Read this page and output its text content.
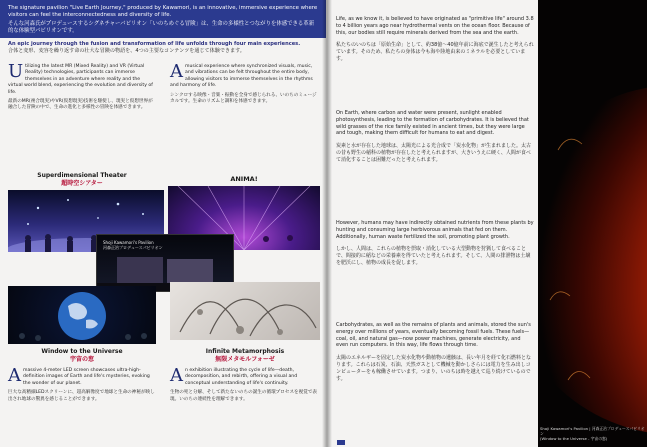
The signature pavilion "Live Earth Journey," produced by Kawamori, is an innovative, immersive experience where visitors can feel the interconnectedness and diversity of life.

そんな河森氏がプロデュースするシグネチャーパビリオン「いのちめぐる冒険」は、生命の多様性とつながりを体感できる革新的な体験型パビリオンです。

An epic journey through the fusion and transformation of life unfolds through four main experiences.
合体と変形、変容を繰り返す命の壮大な冒険の物語を、4つの主要なコンテンツを通じて体験できます。
Utilizing the latest MR (Mixed Reality) and VR (Virtual Reality) technologies, participants can immerse themselves in an adventure where reality and the virtual world blend, experiencing the evolution and diversity of life.
最新のMR(複合現実)やVR(仮想現実)技術を駆使し、現実と仮想世界が融合した冒険の中で、生命の進化と多様性の冒険を体感できます。
Amusical experience where synchronized visuals, music, and vibrations can be felt throughout the entire body, allowing visitors to immerse themselves in the rhythms and harmony of life.
シンクロする映像・音楽・振動を全身で感じられる、いのちのミュージカルです。生命のリズムと調和を体感できます。
Superdimensional Theater
超時空シアター	ANIMA!
Shoji Kawamori's Pavilion
河森正治プロデュースパビリオン
Window to the Universe
宇宙の窓
Infinite Metamorphosis
無限メタモルフォーゼ
Amassive 4-meter LED screen showcases ultra-high-definition images of Earth and life's mysteries, evoking the wonder of our planet.
巨大な高精細LEDスクリーンに、超高解像度で地球と生命の神秘が映し出され地球の驚異を感じることができます。
An exhibition illustrating the cycle of life—death, decomposition, and rebirth, offering a visual and conceptual understanding of life's continuity.
生物の死と分解、そして新たないのちの誕生の循環プロセスを視覚で表現。いのちの連続性を理解できます。
Life, as we know it, is believed to have originated as "primitive life" around 3.8 to 4 billion years ago near hydrothermal vents on the ocean floor. Because of this, our bodies still require minerals derived from the sea and the earth.
私たちのいのちは「原始生命」として、約38億〜40億年前に海底で誕生したと考えられています。そのため、私たちの身体は今も海や陸地由来のミネラルを必要としています。
On Earth, where carbon and water were present, sunlight enabled photosynthesis, leading to the formation of carbohydrates. It is believed that wild grasses of the rice family existed in ancient times, but they were large and tough, making them difficult for humans to eat and digest.
炭素と水が存在した地球は、太陽光による光合成で「炭水化物」が生まれました。太古の昔も野生の稲科の植物が存在したと考えられますが、大きいうえに硬く、人間が食べて消化することは困難だったと考えられます。
However, humans may have indirectly obtained nutrients from these plants by hunting and consuming large herbivorous animals that fed on them. Additionally, human waste fertilized the soil, promoting plant growth.
しかし、人間は、これらの植物を摂取・消化している大型動物を狩猟して食べることで、間接的に稲などの栄養素を得ていたと考えられます。そして、人間の排泄物は土壌を肥沃にし、植物の成長を促します。
Carbohydrates, as well as the remains of plants and animals, stored the sun's energy over millions of years, eventually becoming fossil fuels. These fuels—coal, oil, and natural gas—now power machines, generate electricity, and even run computers. In this way, life flows through time.
太陽のエネルギーを固定した炭水化物や動植物の遺骸は、長い年月を経て化石燃料となります。これらは石炭、石油、天然ガスとして機械を動かしさらには電力を生み出しコンピューターをも稼働させています。つまり、いのちは時を越えて巡り続けているのです。
Shoji Kawamori's Pavilion | 河森正治プロデュースパビリオン
(Window to the Universe - 宇宙の窓)
